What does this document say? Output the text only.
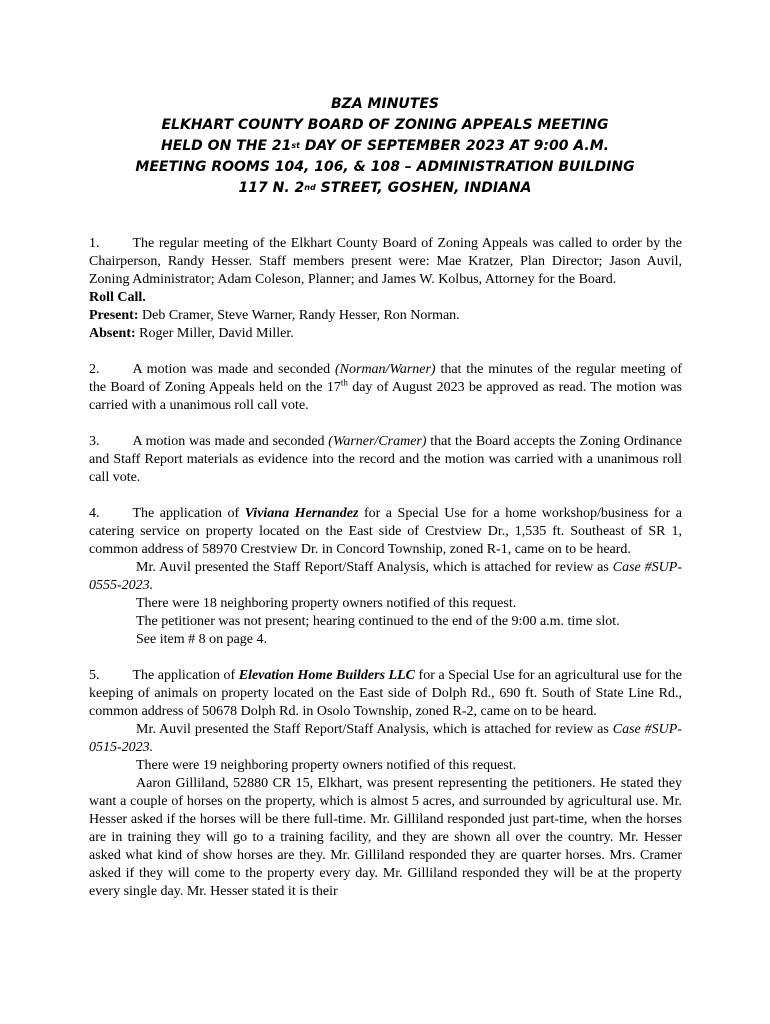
BZA MINUTES
ELKHART COUNTY BOARD OF ZONING APPEALS MEETING
HELD ON THE 21st DAY OF SEPTEMBER 2023 AT 9:00 A.M.
MEETING ROOMS 104, 106, & 108 – ADMINISTRATION BUILDING
117 N. 2nd STREET, GOSHEN, INDIANA

1. The regular meeting of the Elkhart County Board of Zoning Appeals was called to order by the Chairperson, Randy Hesser. Staff members present were: Mae Kratzer, Plan Director; Jason Auvil, Zoning Administrator; Adam Coleson, Planner; and James W. Kolbus, Attorney for the Board.

Roll Call.

Present: Deb Cramer, Steve Warner, Randy Hesser, Ron Norman.

Absent: Roger Miller, David Miller.

2. A motion was made and seconded (Norman/Warner) that the minutes of the regular meeting of the Board of Zoning Appeals held on the 17th day of August 2023 be approved as read. The motion was carried with a unanimous roll call vote.

3. A motion was made and seconded (Warner/Cramer) that the Board accepts the Zoning Ordinance and Staff Report materials as evidence into the record and the motion was carried with a unanimous roll call vote.

4. The application of Viviana Hernandez for a Special Use for a home workshop/business for a catering service on property located on the East side of Crestview Dr., 1,535 ft. Southeast of SR 1, common address of 58970 Crestview Dr. in Concord Township, zoned R-1, came on to be heard.

Mr. Auvil presented the Staff Report/Staff Analysis, which is attached for review as Case #SUP-0555-2023.

There were 18 neighboring property owners notified of this request.

The petitioner was not present; hearing continued to the end of the 9:00 a.m. time slot.

See item # 8 on page 4.

5. The application of Elevation Home Builders LLC for a Special Use for an agricultural use for the keeping of animals on property located on the East side of Dolph Rd., 690 ft. South of State Line Rd., common address of 50678 Dolph Rd. in Osolo Township, zoned R-2, came on to be heard.

Mr. Auvil presented the Staff Report/Staff Analysis, which is attached for review as Case #SUP-0515-2023.

There were 19 neighboring property owners notified of this request.

Aaron Gilliland, 52880 CR 15, Elkhart, was present representing the petitioners. He stated they want a couple of horses on the property, which is almost 5 acres, and surrounded by agricultural use. Mr. Hesser asked if the horses will be there full-time. Mr. Gilliland responded just part-time, when the horses are in training they will go to a training facility, and they are shown all over the country. Mr. Hesser asked what kind of show horses are they. Mr. Gilliland responded they are quarter horses. Mrs. Cramer asked if they will come to the property every day. Mr. Gilliland responded they will be at the property every single day. Mr. Hesser stated it is their
